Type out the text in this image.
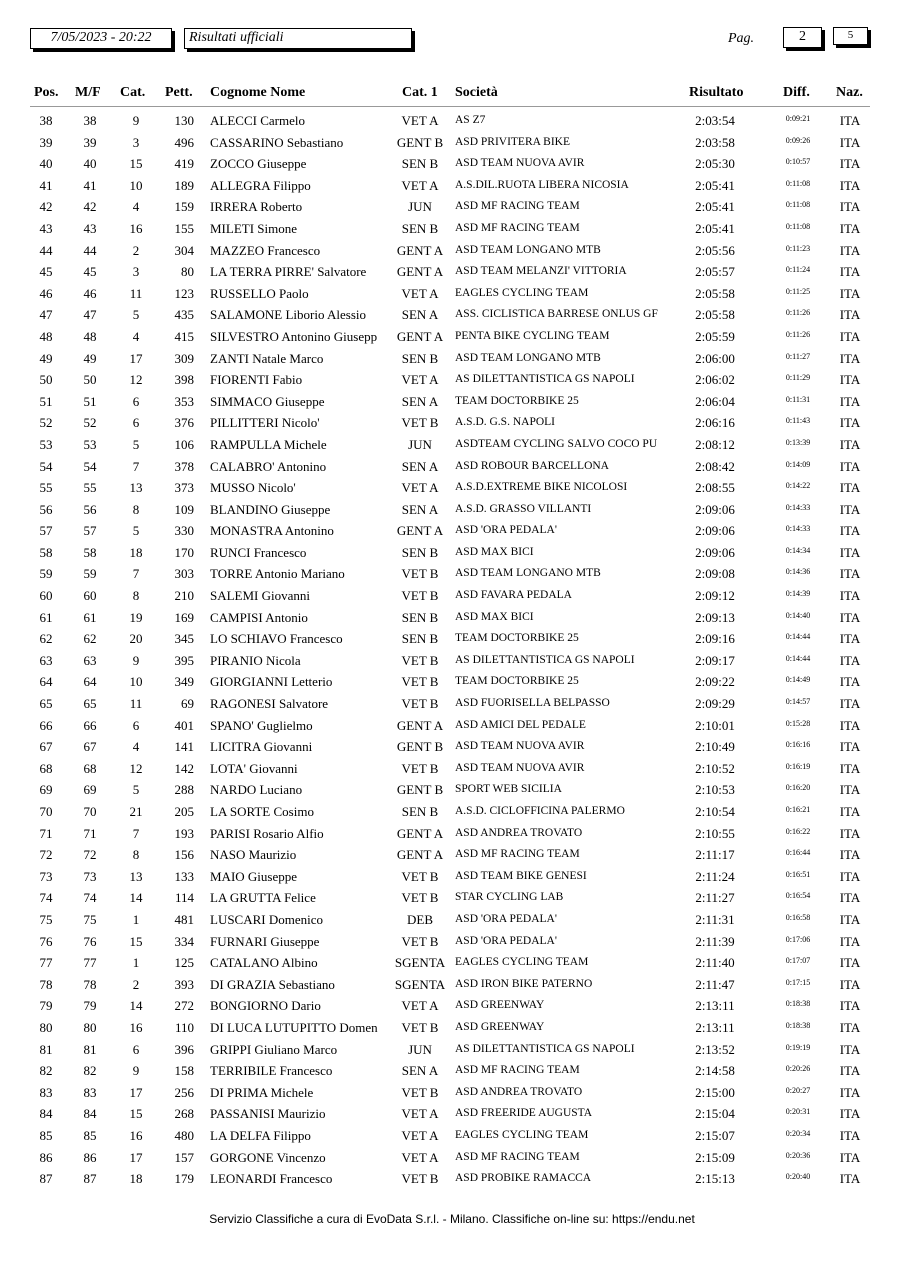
7/05/2023 - 20:22	Risultati ufficiali	Pag.	2	5
Pos. M/F Cat. Pett. Cognome Nome	Cat. 1 Società	Risultato	Diff. Naz.
38	38	9	130 ALECCI Carmelo	VET A	AS Z7	2:03:54	0:09:21	ITA
39	39	3	496 CASSARINO Sebastiano	GENT B	ASD PRIVITERA BIKE	2:03:58	0:09:26	ITA
40	40	15	419 ZOCCO Giuseppe	SEN B	ASD TEAM NUOVA AVIR	2:05:30	0:10:57	ITA
41	41	10	189 ALLEGRA Filippo	VET A	A.S.DIL.RUOTA LIBERA NICOSIA	2:05:41	0:11:08	ITA
42	42	4	159 IRRERA Roberto	JUN	ASD MF RACING TEAM	2:05:41	0:11:08	ITA
43	43	16	155 MILETI Simone	SEN B	ASD MF RACING TEAM	2:05:41	0:11:08	ITA
44	44	2	304 MAZZEO Francesco	GENT A	ASD TEAM LONGANO MTB	2:05:56	0:11:23	ITA
45	45	3	80 LA TERRA PIRRE' Salvatore	GENT A	ASD TEAM MELANZI' VITTORIA	2:05:57	0:11:24	ITA
46	46	11	123 RUSSELLO Paolo	VET A	EAGLES CYCLING TEAM	2:05:58	0:11:25	ITA
47	47	5	435 SALAMONE Liborio Alessio	SEN A	ASS. CICLISTICA BARRESE ONLUS GF	2:05:58	0:11:26	ITA
48	48	4	415 SILVESTRO Antonino Giusepp	GENT A	PENTA BIKE CYCLING TEAM	2:05:59	0:11:26	ITA
49	49	17	309 ZANTI Natale Marco	SEN B	ASD TEAM LONGANO MTB	2:06:00	0:11:27	ITA
50	50	12	398 FIORENTI Fabio	VET A	AS DILETTANTISTICA GS NAPOLI	2:06:02	0:11:29	ITA
51	51	6	353 SIMMACO Giuseppe	SEN A	TEAM DOCTORBIKE 25	2:06:04	0:11:31	ITA
52	52	6	376 PILLITTERI Nicolo'	VET B	A.S.D. G.S. NAPOLI	2:06:16	0:11:43	ITA
53	53	5	106 RAMPULLA Michele	JUN	ASDTEAM CYCLING SALVO COCO PU	2:08:12	0:13:39	ITA
54	54	7	378 CALABRO' Antonino	SEN A	ASD ROBOUR BARCELLONA	2:08:42	0:14:09	ITA
55	55	13	373 MUSSO Nicolo'	VET A	A.S.D.EXTREME BIKE NICOLOSI	2:08:55	0:14:22	ITA
56	56	8	109 BLANDINO Giuseppe	SEN A	A.S.D. GRASSO VILLANTI	2:09:06	0:14:33	ITA
57	57	5	330 MONASTRA Antonino	GENT A	ASD 'ORA PEDALA'	2:09:06	0:14:33	ITA
58	58	18	170 RUNCI Francesco	SEN B	ASD MAX BICI	2:09:06	0:14:34	ITA
59	59	7	303 TORRE Antonio Mariano	VET B	ASD TEAM LONGANO MTB	2:09:08	0:14:36	ITA
60	60	8	210 SALEMI Giovanni	VET B	ASD FAVARA PEDALA	2:09:12	0:14:39	ITA
61	61	19	169 CAMPISI Antonio	SEN B	ASD MAX BICI	2:09:13	0:14:40	ITA
62	62	20	345 LO SCHIAVO Francesco	SEN B	TEAM DOCTORBIKE 25	2:09:16	0:14:44	ITA
63	63	9	395 PIRANIO Nicola	VET B	AS DILETTANTISTICA GS NAPOLI	2:09:17	0:14:44	ITA
64	64	10	349 GIORGIANNI Letterio	VET B	TEAM DOCTORBIKE 25	2:09:22	0:14:49	ITA
65	65	11	69 RAGONESI Salvatore	VET B	ASD FUORISELLA BELPASSO	2:09:29	0:14:57	ITA
66	66	6	401 SPANO' Guglielmo	GENT A	ASD AMICI DEL PEDALE	2:10:01	0:15:28	ITA
67	67	4	141 LICITRA Giovanni	GENT B	ASD TEAM NUOVA AVIR	2:10:49	0:16:16	ITA
68	68	12	142 LOTA' Giovanni	VET B	ASD TEAM NUOVA AVIR	2:10:52	0:16:19	ITA
69	69	5	288 NARDO Luciano	GENT B	SPORT WEB SICILIA	2:10:53	0:16:20	ITA
70	70	21	205 LA SORTE Cosimo	SEN B	A.S.D. CICLOFFICINA PALERMO	2:10:54	0:16:21	ITA
71	71	7	193 PARISI Rosario Alfio	GENT A	ASD ANDREA TROVATO	2:10:55	0:16:22	ITA
72	72	8	156 NASO Maurizio	GENT A	ASD MF RACING TEAM	2:11:17	0:16:44	ITA
73	73	13	133 MAIO Giuseppe	VET B	ASD TEAM BIKE GENESI	2:11:24	0:16:51	ITA
74	74	14	114 LA GRUTTA Felice	VET B	STAR CYCLING LAB	2:11:27	0:16:54	ITA
75	75	1	481 LUSCARI Domenico	DEB	ASD 'ORA PEDALA'	2:11:31	0:16:58	ITA
76	76	15	334 FURNARI Giuseppe	VET B	ASD 'ORA PEDALA'	2:11:39	0:17:06	ITA
77	77	1	125 CATALANO Albino	SGENTA EAGLES CYCLING TEAM	2:11:40	0:17:07	ITA
78	78	2	393 DI GRAZIA Sebastiano	SGENTA ASD IRON BIKE PATERNO	2:11:47	0:17:15	ITA
79	79	14	272 BONGIORNO Dario	VET A	ASD GREENWAY	2:13:11	0:18:38	ITA
80	80	16	110 DI LUCA LUTUPITTO Domen	VET B	ASD GREENWAY	2:13:11	0:18:38	ITA
81	81	6	396 GRIPPI Giuliano Marco	JUN	AS DILETTANTISTICA GS NAPOLI	2:13:52	0:19:19	ITA
82	82	9	158 TERRIBILE Francesco	SEN A	ASD MF RACING TEAM	2:14:58	0:20:26	ITA
83	83	17	256 DI PRIMA Michele	VET B	ASD ANDREA TROVATO	2:15:00	0:20:27	ITA
84	84	15	268 PASSANISI Maurizio	VET A	ASD FREERIDE AUGUSTA	2:15:04	0:20:31	ITA
85	85	16	480 LA DELFA Filippo	VET A	EAGLES CYCLING TEAM	2:15:07	0:20:34	ITA
86	86	17	157 GORGONE Vincenzo	VET A	ASD MF RACING TEAM	2:15:09	0:20:36	ITA
87	87	18	179 LEONARDI Francesco	VET B	ASD PROBIKE RAMACCA	2:15:13	0:20:40	ITA
Servizio Classifiche a cura di EvoData S.r.l. - Milano. Classifiche on-line su: https://endu.net
